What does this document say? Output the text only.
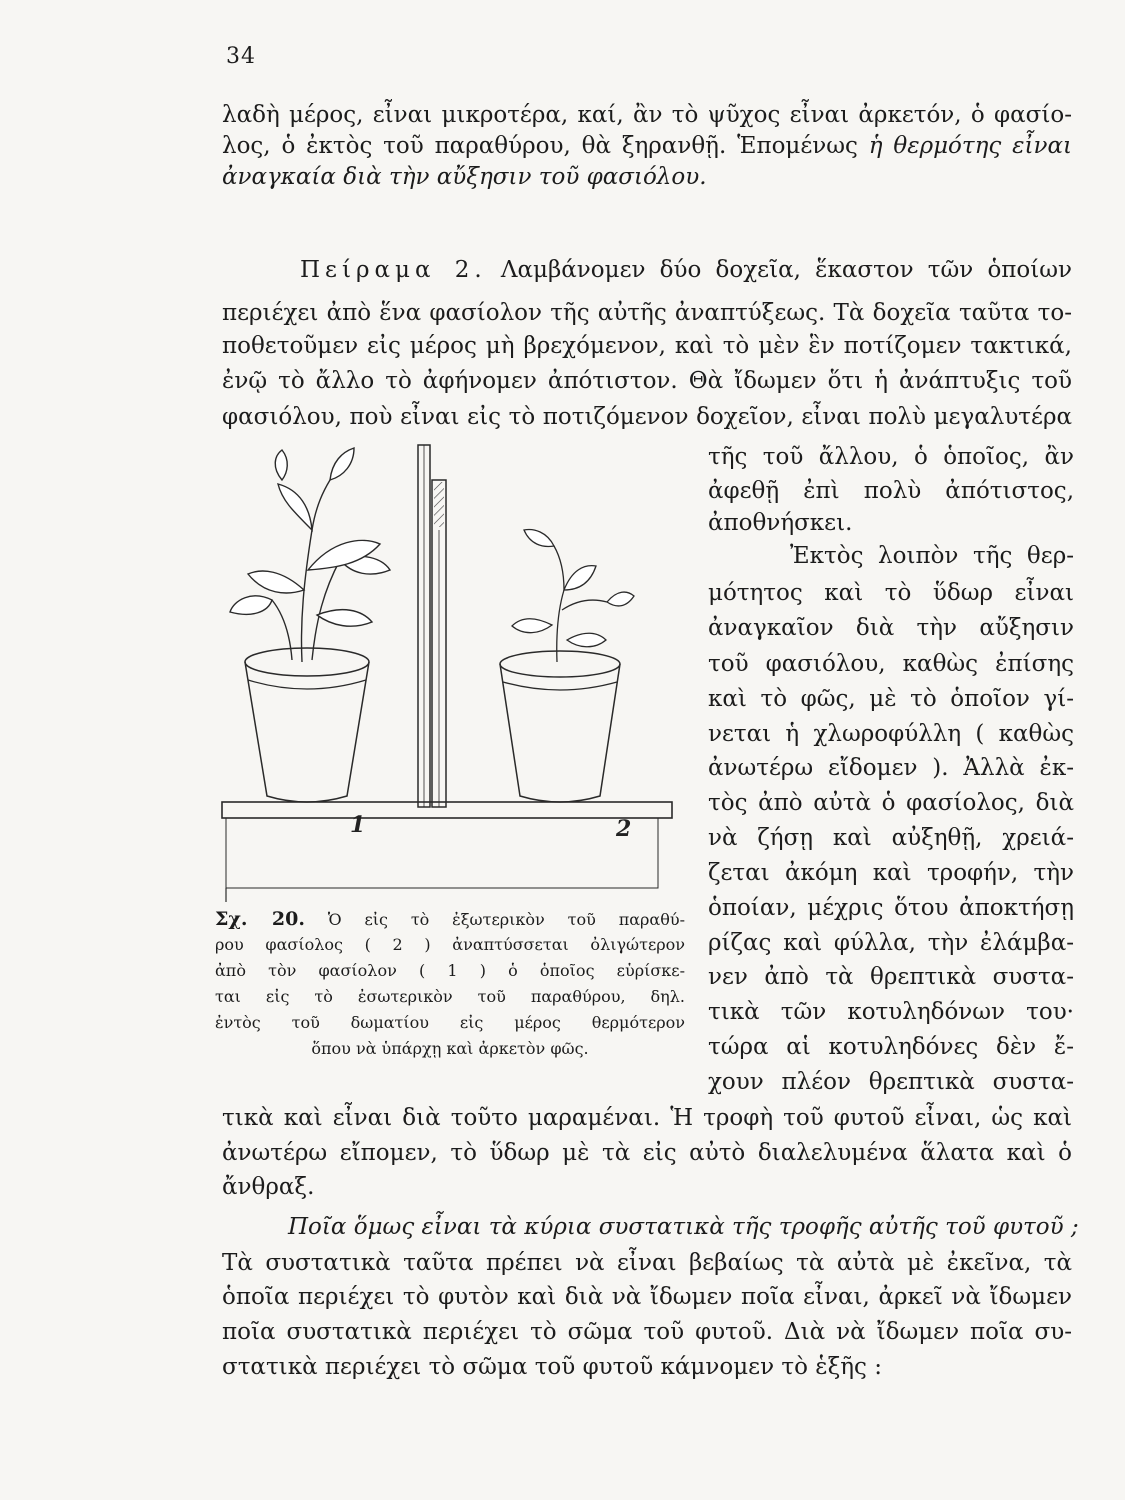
34
λαδὴ μέρος, εἶναι μικροτέρα, καί, ἂν τὸ ψῦχος εἶναι ἀρκετόν, ὁ φασίο-
λος, ὁ ἐκτὸς τοῦ παραθύρου, θὰ ξηρανθῇ. Ἑπομένως ἡ θερμότης εἶναι
ἀναγκαία διὰ τὴν αὔξησιν τοῦ φασιόλου.
Πείραμα 2. Λαμβάνομεν δύο δοχεῖα, ἕκαστον τῶν ὁποίων
περιέχει ἀπὸ ἕνα φασίολον τῆς αὐτῆς ἀναπτύξεως. Τὰ δοχεῖα ταῦτα το-
ποθετοῦμεν εἰς μέρος μὴ βρεχόμενον, καὶ τὸ μὲν ἓν ποτίζομεν τακτικά,
ἐνῷ τὸ ἄλλο τὸ ἀφήνομεν ἀπότιστον. Θὰ ἴδωμεν ὅτι ἡ ἀνάπτυξις τοῦ
φασιόλου, ποὺ εἶναι εἰς τὸ ποτιζόμενον δοχεῖον, εἶναι πολὺ μεγαλυτέρα
τῆς τοῦ ἄλλου, ὁ ὁποῖος, ἂν
ἀφεθῇ ἐπὶ πολὺ ἀπότιστος,
ἀποθνήσκει.
Ἐκτὸς λοιπὸν τῆς θερ-
μότητος καὶ τὸ ὕδωρ εἶναι
ἀναγκαῖον διὰ τὴν αὔξησιν
τοῦ φασιόλου, καθὼς ἐπίσης
καὶ τὸ φῶς, μὲ τὸ ὁποῖον γί-
νεται ἡ χλωροφύλλη ( καθὼς
ἀνωτέρω εἴδομεν ). Ἀλλὰ ἐκ-
τὸς ἀπὸ αὐτὰ ὁ φασίολος, διὰ
νὰ ζήσῃ καὶ αὐξηθῇ, χρειά-
ζεται ἀκόμη καὶ τροφήν, τὴν
ὁποίαν, μέχρις ὅτου ἀποκτήσῃ
ρίζας καὶ φύλλα, τὴν ἐλάμβα-
νεν ἀπὸ τὰ θρεπτικὰ συστα-
τικὰ τῶν κοτυληδόνων του·
τώρα αἱ κοτυληδόνες δὲν ἔ-
χουν πλέον θρεπτικὰ συστα-
1	2
Σχ. 20. Ὁ εἰς τὸ ἐξωτερικὸν τοῦ παραθύ-
ρου φασίολος ( 2 ) ἀναπτύσσεται ὀλιγώτερον
ἀπὸ τὸν φασίολον ( 1 ) ὁ ὁποῖος εὑρίσκε-
ται εἰς τὸ ἐσωτερικὸν τοῦ παραθύρου, δηλ.
ἐντὸς τοῦ δωματίου εἰς μέρος θερμότερον
ὅπου νὰ ὑπάρχῃ καὶ ἀρκετὸν φῶς.
τικὰ καὶ εἶναι διὰ τοῦτο μαραμέναι. Ἡ τροφὴ τοῦ φυτοῦ εἶναι, ὡς καὶ
ἀνωτέρω εἴπομεν, τὸ ὕδωρ μὲ τὰ εἰς αὐτὸ διαλελυμένα ἅλατα καὶ ὁ
ἄνθραξ.
Ποῖα ὅμως εἶναι τὰ κύρια συστατικὰ τῆς τροφῆς αὐτῆς τοῦ φυτοῦ ;
Τὰ συστατικὰ ταῦτα πρέπει νὰ εἶναι βεβαίως τὰ αὐτὰ μὲ ἐκεῖνα, τὰ
ὁποῖα περιέχει τὸ φυτὸν καὶ διὰ νὰ ἴδωμεν ποῖα εἶναι, ἀρκεῖ νὰ ἴδωμεν
ποῖα συστατικὰ περιέχει τὸ σῶμα τοῦ φυτοῦ. Διὰ νὰ ἴδωμεν ποῖα συ-
στατικὰ περιέχει τὸ σῶμα τοῦ φυτοῦ κάμνομεν τὸ ἑξῆς :
